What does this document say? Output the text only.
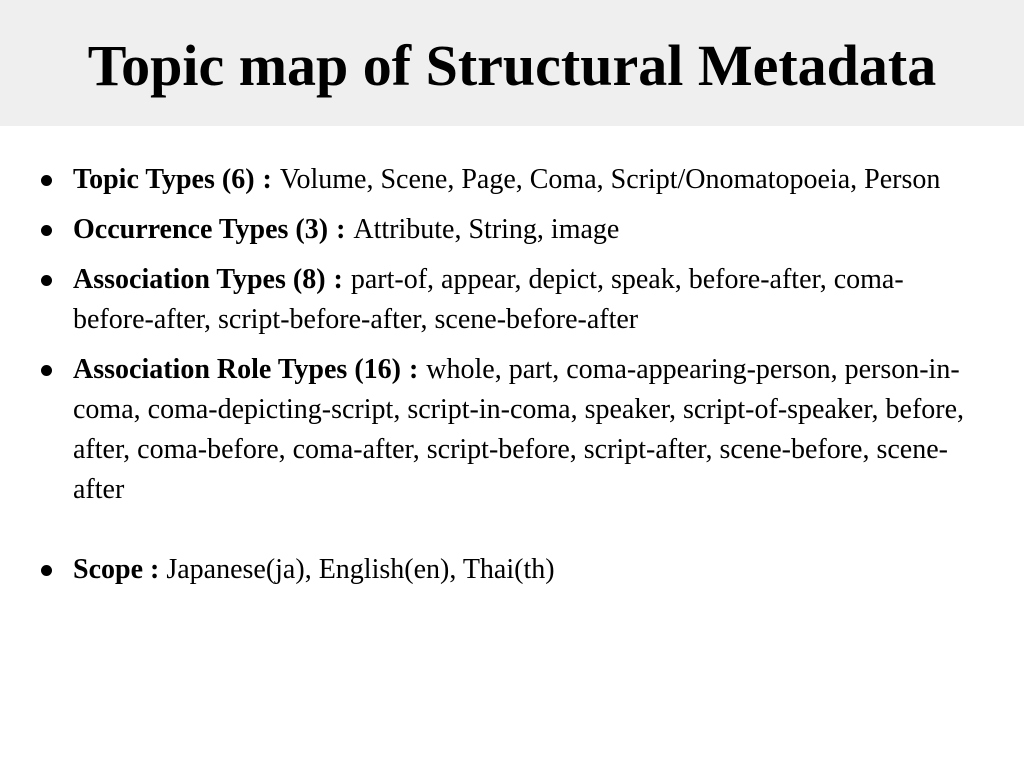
Topic map of Structural Metadata
Topic Types (6) : Volume, Scene, Page, Coma, Script/Onomatopoeia, Person
Occurrence Types (3) : Attribute, String, image
Association Types (8) : part-of, appear, depict, speak, before-after, coma-before-after, script-before-after, scene-before-after
Association Role Types (16) : whole, part, coma-appearing-person, person-in-coma, coma-depicting-script, script-in-coma, speaker, script-of-speaker, before, after, coma-before, coma-after, script-before, script-after, scene-before, scene-after
Scope : Japanese(ja), English(en), Thai(th)
